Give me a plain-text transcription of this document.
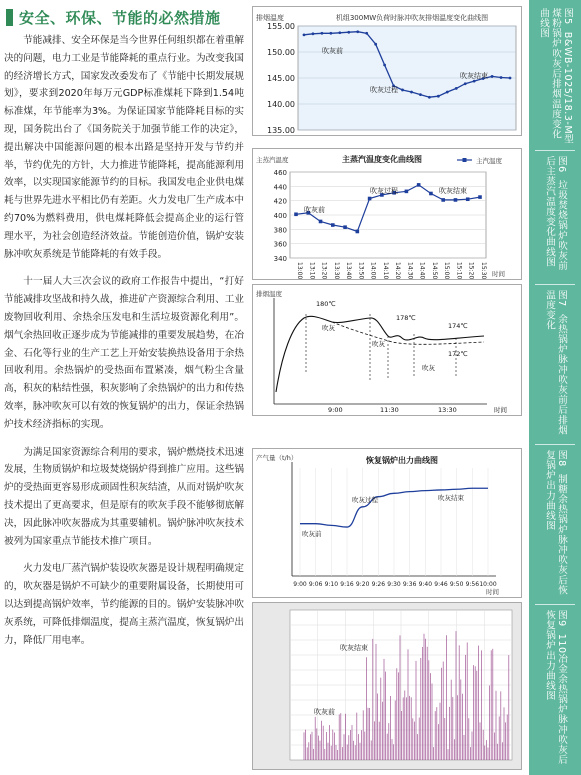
安全、环保、节能的必然措施

节能减排、安全环保是当今世界任何组织都在着重解决的问题，电力工业是节能降耗的重点行业。为改变我国的经济增长方式，国家发改委发布了《节能中长期发展规划》，要求到2020年每万元GDP标准煤耗下降到1.54吨标准煤，年节能率为3%。为保证国家节能降耗目标的实现，国务院出台了《国务院关于加强节能工作的决定》，提出解决中国能源问题的根本出路是坚持开发与节约并举，节约优先的方针，大力推进节能降耗，提高能源利用效率，以实现国家能源节约的目标。我国发电企业供电煤耗与世界先进水平相比仍有差距。火力发电厂生产成本中约70%为燃料费用，供电煤耗降低会提高企业的运行管理水平，为社会创造经济效益。节能创造价值，锅炉安装脉冲吹灰系统是节能降耗的有效手段。

十一届人大三次会议的政府工作报告中提出，“打好节能减排攻坚战和持久战，推进矿产资源综合利用、工业废物回收利用、余热余压发电和生活垃圾资源化利用”。烟气余热回收正逐步成为节能减排的重要发展趋势，在冶金、石化等行业的生产工艺上开始安装换热设备用于余热回收利用。余热锅炉的受热面布置紧凑，烟气粉尘含量高，积灰的粘结性强，积灰影响了余热锅炉的出力和传热效率，脉冲吹灰可以有效的恢复锅炉的出力，保证余热锅炉技术经济指标的实现。

为满足国家资源综合利用的要求，锅炉燃烧技术迅速发展，生物质锅炉和垃圾焚烧锅炉得到推广应用。这些锅炉的受热面更容易形成顽固性积灰结渣，从而对锅炉吹灰技术提出了更高要求，但是原有的吹灰手段不能够彻底解决，因此脉冲吹灰器成为其重要辅机。锅炉脉冲吹灰技术被列为国家重点节能技术推广项目。

火力发电厂蒸汽锅炉装设吹灰器是设计规程明确规定的，吹灰器是锅炉不可缺少的重要附属设备，长期使用可以达到提高锅炉效率，节约能源的目的。锅炉安装脉冲吹灰系统，可降低排烟温度，提高主蒸汽温度，恢复锅炉出力，降低厂用电率。

排烟温度	机组300MW负荷时脉冲吹灰排烟温度变化曲线图
155.00
150.00
145.00
140.00
135.00
吹灰前
吹灰过程
吹灰结束
主蒸汽温度	主蒸汽温度变化曲线图	主汽温度
460
440
420
400
380
360
340
13:00 13:10 13:20 13:30 13:40 13:50 14:00 14:10 14:20 14:30 14:40 14:50 15:00 15:10 15:20 15:30 时间
吹灰前
吹灰过程	吹灰结束
排烟温度
180℃
178℃
174℃
172℃
吹灰
吹灰
吹灰
9:00	11:30	13:30	时间
产气量（t/h）	恢复锅炉出力曲线图
9:00 9:06 9:10 9:16 9:20 9:26 9:30 9:36 9:40 9:46 9:50 9:56 10:00
时间
吹灰前
吹灰过程	吹灰结束
吹灰前
吹灰结束
图5  B&WB-1025/18.3-M型煤粉锅炉吹灰后排烟温度变化曲线图
图6  垃圾焚烧锅炉吹灰前后主蒸汽温度变化曲线图
图7  余热锅炉脉冲吹灰前后排烟温度变化
图8  制糖余热锅炉脉冲吹灰后恢复锅炉出力曲线图
图9  110冶金余热锅炉脉冲吹灰后恢复锅炉出力曲线图
